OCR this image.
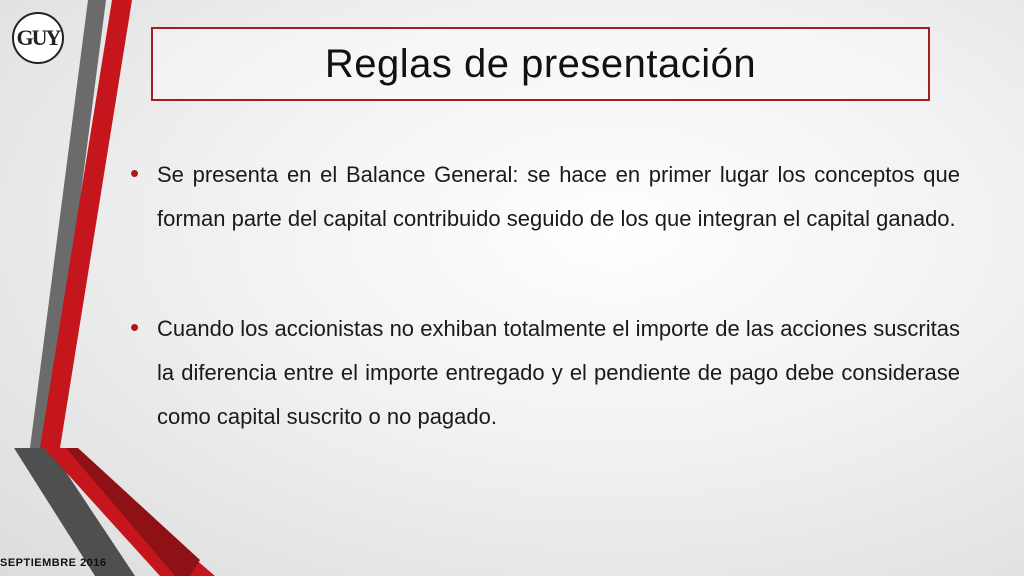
GUY
Reglas de presentación
• Se presenta en el Balance General: se hace en primer lugar los conceptos que forman parte del capital contribuido seguido de los que integran el capital ganado.
• Cuando los accionistas no exhiban totalmente el importe de las acciones suscritas la diferencia entre el importe entregado y el pendiente de pago debe considerase como capital suscrito o no pagado.
SEPTIEMBRE 2016
